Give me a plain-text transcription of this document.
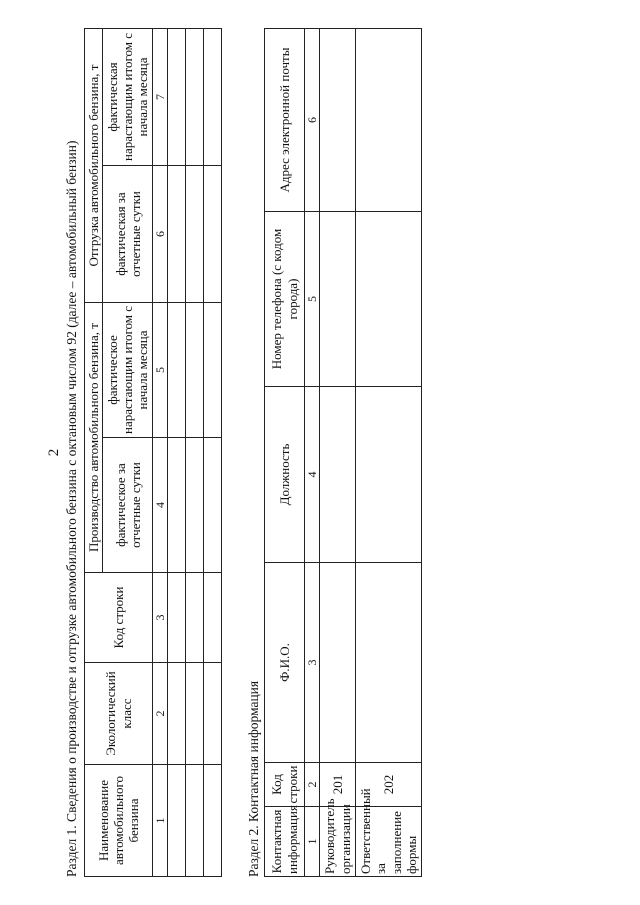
2 Раздел 1. Сведения о производстве и отгрузке автомобильного бензина с октановым числом 92 (далее – автомобильный бензин) Наименование автомобильного бензина	Экологический класс	Код строки	Производство автомобильного бензина, т		Отгрузка автомобильного бензина, т	
			фактическое за отчетные сутки	фактическое нарастающим итогом с начала месяца	фактическая за отчетные сутки	фактическая нарастающим итогом с начала месяца
1	2	3	4	5	6	7

Раздел 2. Контактная информация Контактная информация	Код строки	Ф.И.О.	Должность	Номер телефона (с кодом города)	Адрес электронной почты
1	2	3	4	5	6
Руководитель организации	201				
Ответственный за заполнение формы	202				
